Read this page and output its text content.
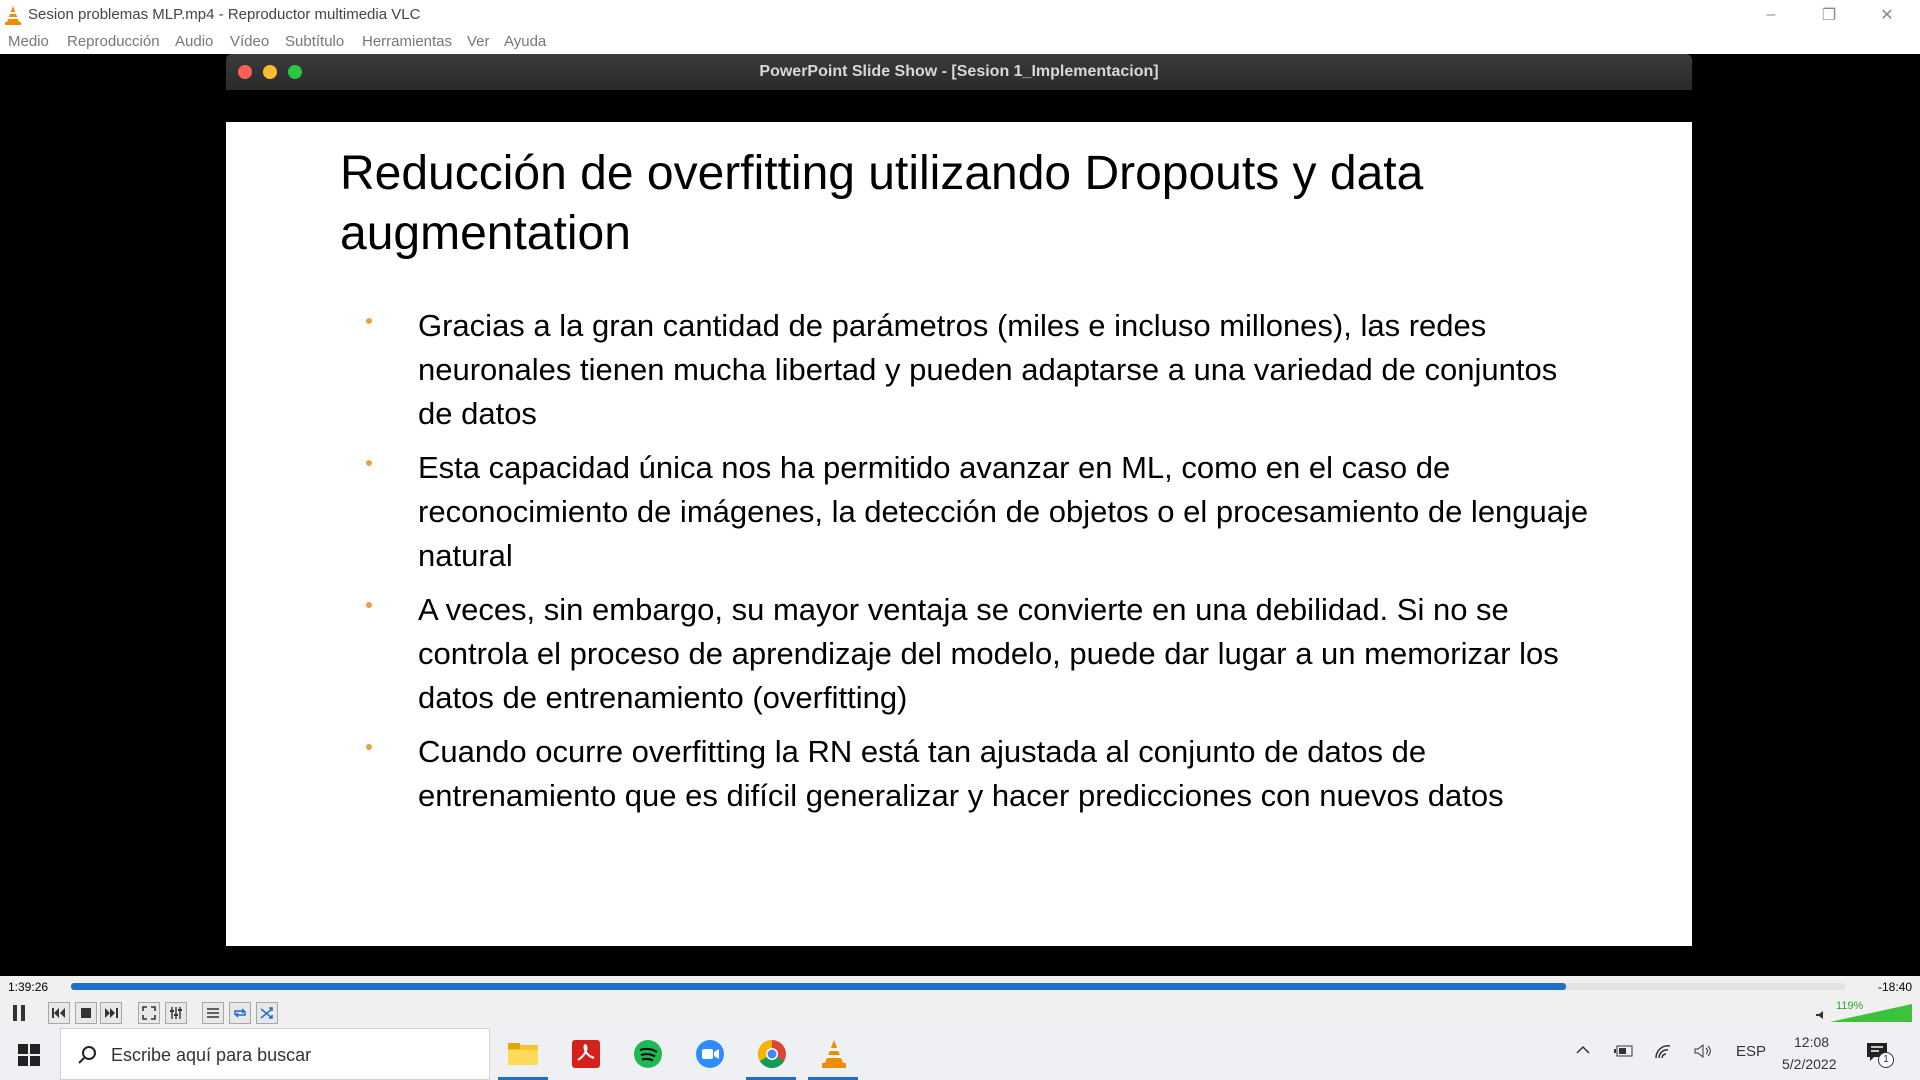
Sesion problemas MLP.mp4 - Reproductor multimedia VLC	–	❐	✕
Medio Reproducción Audio Vídeo Subtítulo Herramientas Ver Ayuda
PowerPoint Slide Show - [Sesion 1_Implementacion]
Reducción de overfitting utilizando Dropouts y data augmentation
Gracias a la gran cantidad de parámetros (miles e incluso millones), las redes neuronales tienen mucha libertad y pueden adaptarse a una variedad de conjuntos de datos
Esta capacidad única nos ha permitido avanzar en ML, como en el caso de reconocimiento de imágenes, la detección de objetos o el procesamiento de lenguaje natural
A veces, sin embargo, su mayor ventaja se convierte en una debilidad. Si no se controla el proceso de aprendizaje del modelo, puede dar lugar a un memorizar los datos de entrenamiento (overfitting)
Cuando ocurre overfitting la RN está tan ajustada al conjunto de datos de entrenamiento que es difícil generalizar y hacer predicciones con nuevos datos
1:39:26	-18:40
119%
Escribe aquí para buscar	ESP
12:08
5/2/2022	1
